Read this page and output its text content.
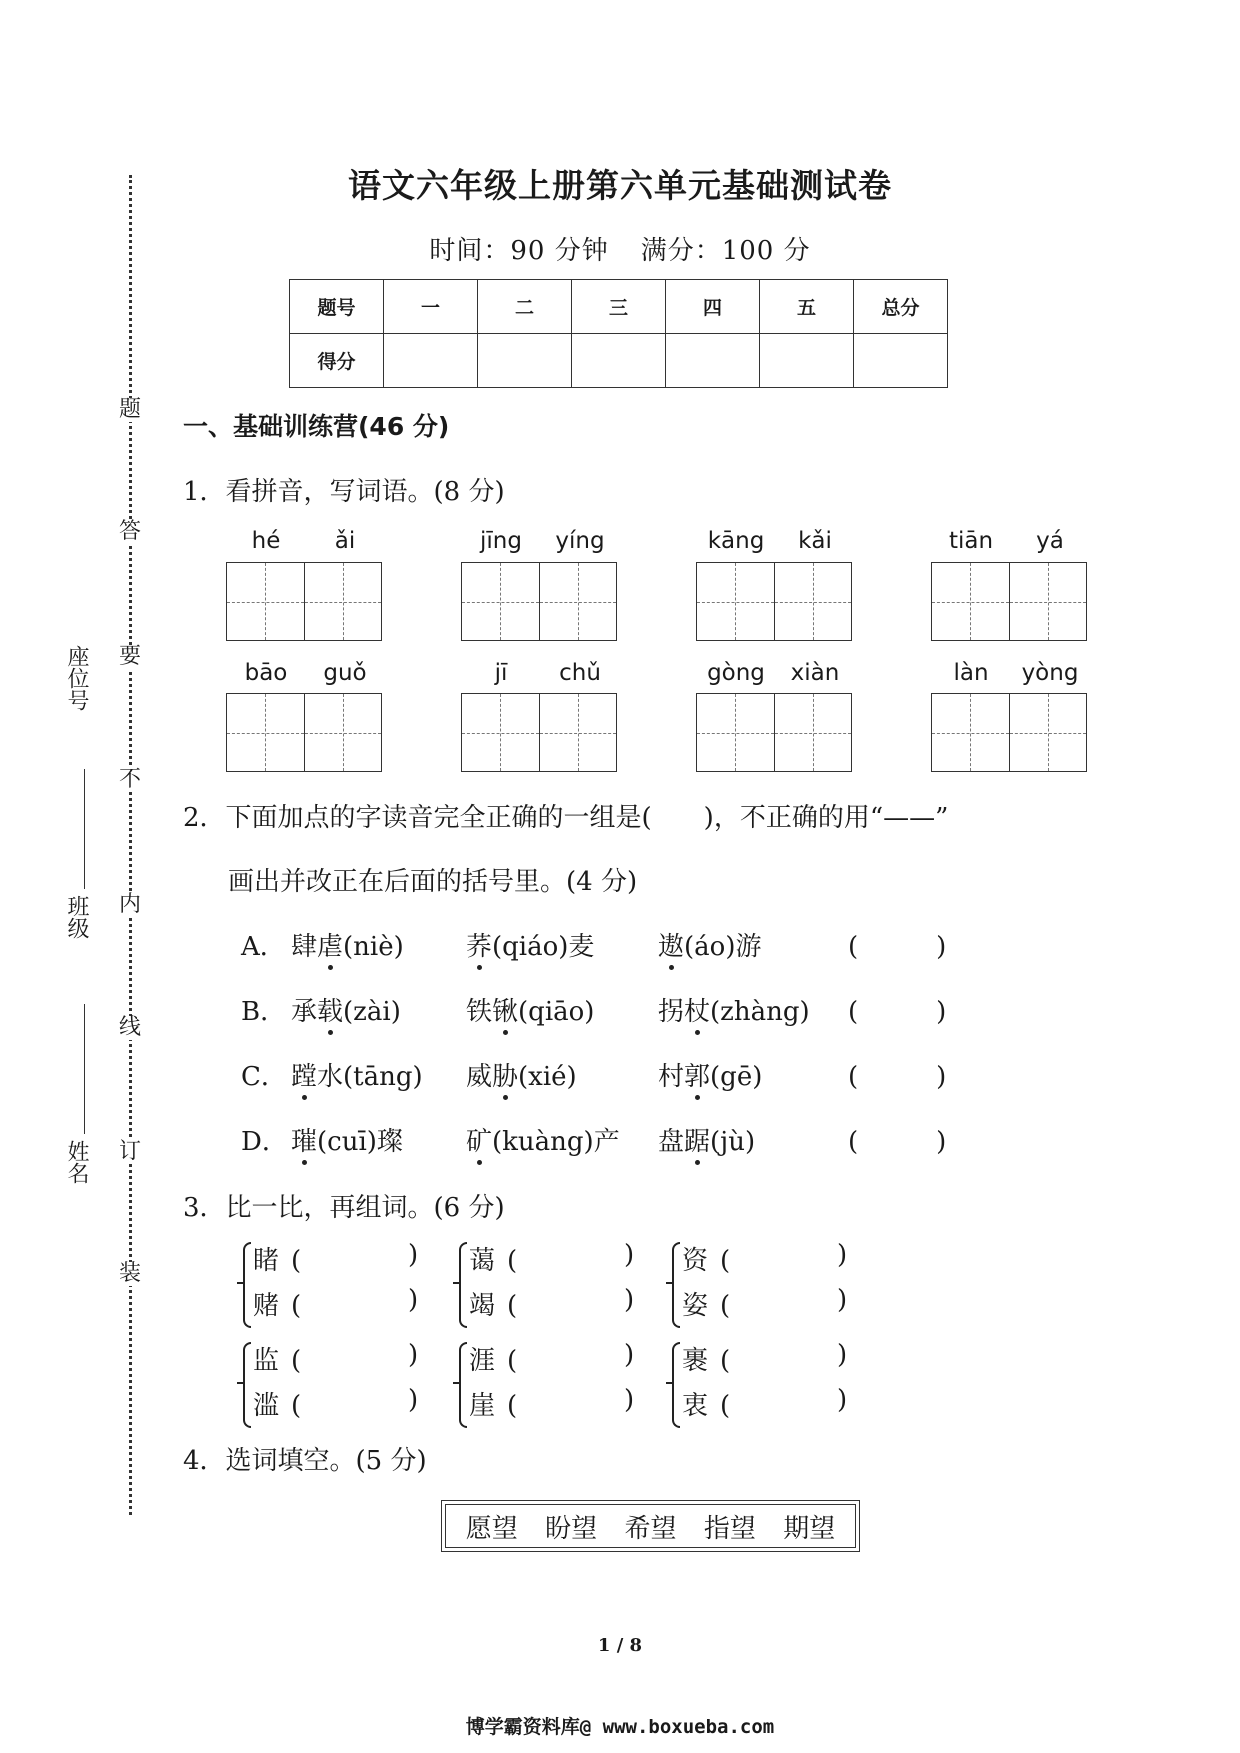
题
答
要
不
内
线
订
装
座位号
班级
姓名
语文六年级上册第六单元基础测试卷
时间：90 分钟 满分：100 分
题号	一	二	三	四	五	总分
得分						
一、基础训练营(46 分)
1．看拼音，写词语。(8 分)
hé	ǎi	jīng	yíng	kāng	kǎi	tiān	yá
bāo	guǒ	jī	chǔ	gòng	xiàn	làn	yòng
2．下面加点的字读音完全正确的一组是(　　)，不正确的用“——”
画出并改正在后面的括号里。(4 分)
A． 肆虐(niè) 荞(qiáo)麦 遨(áo)游	(　　　)
B． 承载(zài)	铁锹(qiāo) 拐杖(zhàng) (　　　)
C． 蹚水(tāng) 威胁(xié)	村郭(gē)	(　　　)
D． 璀(cuī)璨 矿(kuàng)产 盘踞(jù)	(　　　)
3．比一比，再组词。(6 分)
睹 (	)
赌 (	)
蔼 (	)
竭 (	)
资 (	)
姿 (	)
监 (	)
滥 (	)
涯 (	)
崖 (	)
裹 (	)
衷 (	)
4．选词填空。(5 分)
愿望 盼望 希望 指望 期望
1 / 8
博学霸资料库@ www.boxueba.com
